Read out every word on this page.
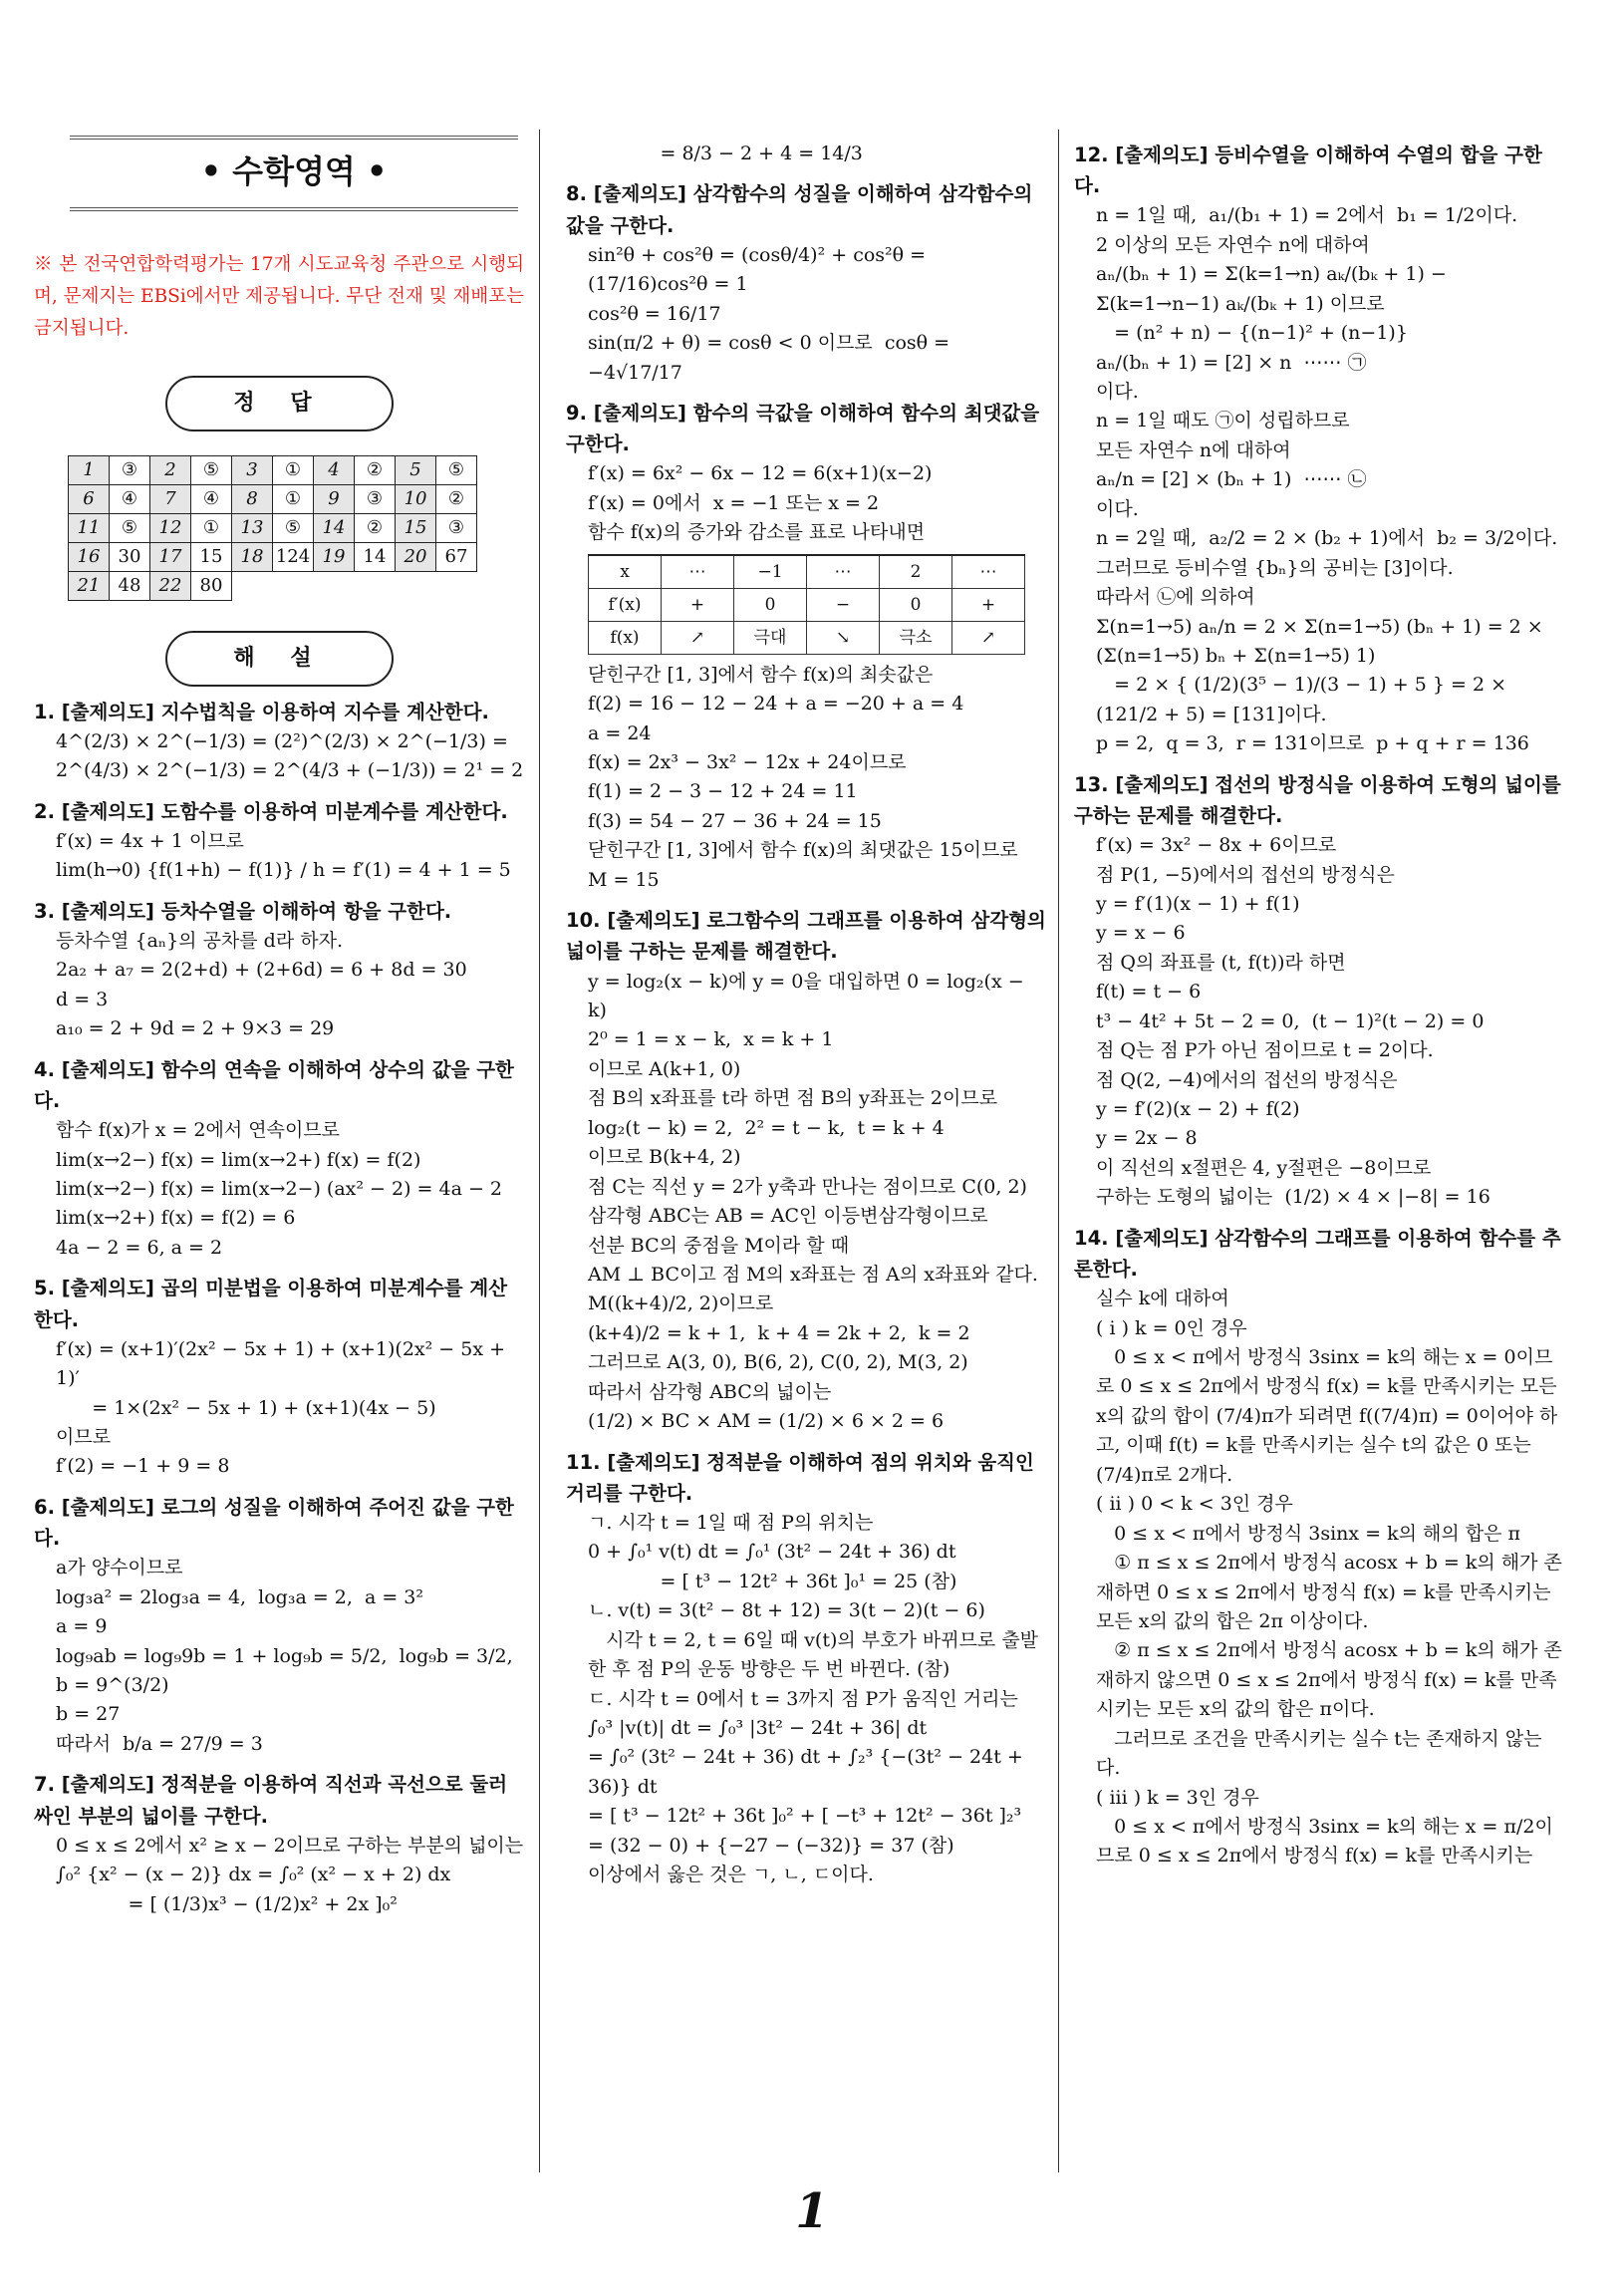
• 수학영역 •
※ 본 전국연합학력평가는 17개 시도교육청 주관으로 시행되며, 문제지는 EBSi에서만 제공됩니다. 무단 전재 및 재배포는 금지됩니다.
정 답
1	③	2	⑤	3	①	4	②	5	⑤
6	④	7	④	8	①	9	③	10	②
11	⑤	12	①	13	⑤	14	②	15	③
16	30	17	15	18	124	19	14	20	67
21	48	22	80						
해 설
1. [출제의도] 지수법칙을 이용하여 지수를 계산한다.
4^(2/3) × 2^(−1/3) = (2²)^(2/3) × 2^(−1/3) = 2^(4/3) × 2^(−1/3) = 2^(4/3 + (−1/3)) = 2¹ = 2
2. [출제의도] 도함수를 이용하여 미분계수를 계산한다.
f′(x) = 4x + 1 이므로
lim(h→0) {f(1+h) − f(1)} / h = f′(1) = 4 + 1 = 5
3. [출제의도] 등차수열을 이해하여 항을 구한다.
등차수열 {aₙ}의 공차를 d라 하자.
2a₂ + a₇ = 2(2+d) + (2+6d) = 6 + 8d = 30
d = 3
a₁₀ = 2 + 9d = 2 + 9×3 = 29
4. [출제의도] 함수의 연속을 이해하여 상수의 값을 구한다.
함수 f(x)가 x = 2에서 연속이므로
lim(x→2−) f(x) = lim(x→2+) f(x) = f(2)
lim(x→2−) f(x) = lim(x→2−) (ax² − 2) = 4a − 2
lim(x→2+) f(x) = f(2) = 6
4a − 2 = 6, a = 2
5. [출제의도] 곱의 미분법을 이용하여 미분계수를 계산한다.
f′(x) = (x+1)′(2x² − 5x + 1) + (x+1)(2x² − 5x + 1)′
= 1×(2x² − 5x + 1) + (x+1)(4x − 5)
이므로
f′(2) = −1 + 9 = 8
6. [출제의도] 로그의 성질을 이해하여 주어진 값을 구한다.
a가 양수이므로
log₃a² = 2log₃a = 4,  log₃a = 2,  a = 3²
a = 9
log₉ab = log₉9b = 1 + log₉b = 5/2,  log₉b = 3/2,  b = 9^(3/2)
b = 27
따라서  b/a = 27/9 = 3
7. [출제의도] 정적분을 이용하여 직선과 곡선으로 둘러싸인 부분의 넓이를 구한다.
0 ≤ x ≤ 2에서 x² ≥ x − 2이므로 구하는 부분의 넓이는
∫₀² {x² − (x − 2)} dx = ∫₀² (x² − x + 2) dx
= [ (1/3)x³ − (1/2)x² + 2x ]₀²
= 8/3 − 2 + 4 = 14/3
8. [출제의도] 삼각함수의 성질을 이해하여 삼각함수의 값을 구한다.
sin²θ + cos²θ = (cosθ/4)² + cos²θ = (17/16)cos²θ = 1
cos²θ = 16/17
sin(π/2 + θ) = cosθ < 0 이므로  cosθ = −4√17/17
9. [출제의도] 함수의 극값을 이해하여 함수의 최댓값을 구한다.
f′(x) = 6x² − 6x − 12 = 6(x+1)(x−2)
f′(x) = 0에서  x = −1 또는 x = 2
함수 f(x)의 증가와 감소를 표로 나타내면
x	⋯	−1	⋯	2	⋯
f′(x)	+	0	−	0	+
f(x)	↗	극대	↘	극소	↗
닫힌구간 [1, 3]에서 함수 f(x)의 최솟값은
f(2) = 16 − 12 − 24 + a = −20 + a = 4
a = 24
f(x) = 2x³ − 3x² − 12x + 24이므로
f(1) = 2 − 3 − 12 + 24 = 11
f(3) = 54 − 27 − 36 + 24 = 15
닫힌구간 [1, 3]에서 함수 f(x)의 최댓값은 15이므로
M = 15
10. [출제의도] 로그함수의 그래프를 이용하여 삼각형의 넓이를 구하는 문제를 해결한다.
y = log₂(x − k)에 y = 0을 대입하면 0 = log₂(x − k)
2⁰ = 1 = x − k,  x = k + 1
이므로 A(k+1, 0)
점 B의 x좌표를 t라 하면 점 B의 y좌표는 2이므로
log₂(t − k) = 2,  2² = t − k,  t = k + 4
이므로 B(k+4, 2)
점 C는 직선 y = 2가 y축과 만나는 점이므로 C(0, 2)
삼각형 ABC는 AB = AC인 이등변삼각형이므로
선분 BC의 중점을 M이라 할 때
AM ⊥ BC이고 점 M의 x좌표는 점 A의 x좌표와 같다.
M((k+4)/2, 2)이므로
(k+4)/2 = k + 1,  k + 4 = 2k + 2,  k = 2
그러므로 A(3, 0), B(6, 2), C(0, 2), M(3, 2)
따라서 삼각형 ABC의 넓이는
(1/2) × BC × AM = (1/2) × 6 × 2 = 6
11. [출제의도] 정적분을 이해하여 점의 위치와 움직인 거리를 구한다.
ㄱ. 시각 t = 1일 때 점 P의 위치는
0 + ∫₀¹ v(t) dt = ∫₀¹ (3t² − 24t + 36) dt
= [ t³ − 12t² + 36t ]₀¹ = 25 (참)
ㄴ. v(t) = 3(t² − 8t + 12) = 3(t − 2)(t − 6)
시각 t = 2, t = 6일 때 v(t)의 부호가 바뀌므로 출발한 후 점 P의 운동 방향은 두 번 바뀐다. (참)
ㄷ. 시각 t = 0에서 t = 3까지 점 P가 움직인 거리는
∫₀³ |v(t)| dt = ∫₀³ |3t² − 24t + 36| dt
= ∫₀² (3t² − 24t + 36) dt + ∫₂³ {−(3t² − 24t + 36)} dt
= [ t³ − 12t² + 36t ]₀² + [ −t³ + 12t² − 36t ]₂³
= (32 − 0) + {−27 − (−32)} = 37 (참)
이상에서 옳은 것은 ㄱ, ㄴ, ㄷ이다.
12. [출제의도] 등비수열을 이해하여 수열의 합을 구한다.
n = 1일 때,  a₁/(b₁ + 1) = 2에서  b₁ = 1/2이다.
2 이상의 모든 자연수 n에 대하여
aₙ/(bₙ + 1) = Σ(k=1→n) aₖ/(bₖ + 1) − Σ(k=1→n−1) aₖ/(bₖ + 1) 이므로
= (n² + n) − {(n−1)² + (n−1)}
aₙ/(bₙ + 1) = [2] × n  ⋯⋯ ㉠
이다.
n = 1일 때도 ㉠이 성립하므로
모든 자연수 n에 대하여
aₙ/n = [2] × (bₙ + 1)  ⋯⋯ ㉡
이다.
n = 2일 때,  a₂/2 = 2 × (b₂ + 1)에서  b₂ = 3/2이다.
그러므로 등비수열 {bₙ}의 공비는 [3]이다.
따라서 ㉡에 의하여
Σ(n=1→5) aₙ/n = 2 × Σ(n=1→5) (bₙ + 1) = 2 × (Σ(n=1→5) bₙ + Σ(n=1→5) 1)
= 2 × { (1/2)(3⁵ − 1)/(3 − 1) + 5 } = 2 × (121/2 + 5) = [131]이다.
p = 2,  q = 3,  r = 131이므로  p + q + r = 136
13. [출제의도] 접선의 방정식을 이용하여 도형의 넓이를 구하는 문제를 해결한다.
f′(x) = 3x² − 8x + 6이므로
점 P(1, −5)에서의 접선의 방정식은
y = f′(1)(x − 1) + f(1)
y = x − 6
점 Q의 좌표를 (t, f(t))라 하면
f(t) = t − 6
t³ − 4t² + 5t − 2 = 0,  (t − 1)²(t − 2) = 0
점 Q는 점 P가 아닌 점이므로 t = 2이다.
점 Q(2, −4)에서의 접선의 방정식은
y = f′(2)(x − 2) + f(2)
y = 2x − 8
이 직선의 x절편은 4, y절편은 −8이므로
구하는 도형의 넓이는  (1/2) × 4 × |−8| = 16
14. [출제의도] 삼각함수의 그래프를 이용하여 함수를 추론한다.
실수 k에 대하여
( i ) k = 0인 경우
0 ≤ x < π에서 방정식 3sinx = k의 해는 x = 0이므로 0 ≤ x ≤ 2π에서 방정식 f(x) = k를 만족시키는 모든 x의 값의 합이 (7/4)π가 되려면 f((7/4)π) = 0이어야 하고, 이때 f(t) = k를 만족시키는 실수 t의 값은 0 또는 (7/4)π로 2개다.
( ii ) 0 < k < 3인 경우
0 ≤ x < π에서 방정식 3sinx = k의 해의 합은 π
① π ≤ x ≤ 2π에서 방정식 acosx + b = k의 해가 존재하면 0 ≤ x ≤ 2π에서 방정식 f(x) = k를 만족시키는 모든 x의 값의 합은 2π 이상이다.
② π ≤ x ≤ 2π에서 방정식 acosx + b = k의 해가 존재하지 않으면 0 ≤ x ≤ 2π에서 방정식 f(x) = k를 만족시키는 모든 x의 값의 합은 π이다.
그러므로 조건을 만족시키는 실수 t는 존재하지 않는다.
( iii ) k = 3인 경우
0 ≤ x < π에서 방정식 3sinx = k의 해는 x = π/2이므로 0 ≤ x ≤ 2π에서 방정식 f(x) = k를 만족시키는
1
